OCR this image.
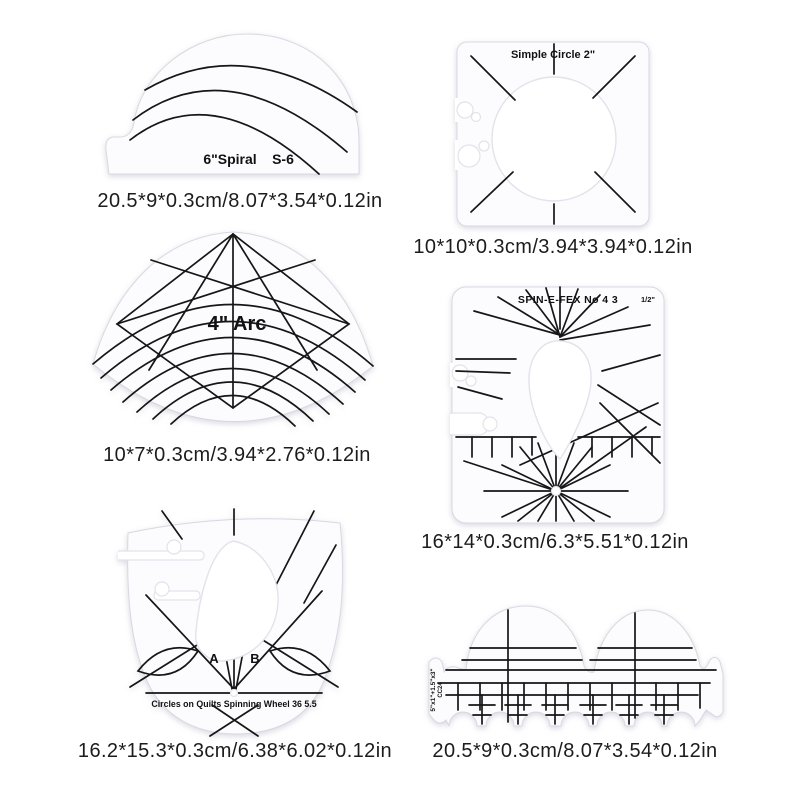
6"Spiral S-6
20.5*9*0.3cm/8.07*3.54*0.12in
Simple Circle 2"
10*10*0.3cm/3.94*3.94*0.12in
4" Arc
10*7*0.3cm/3.94*2.76*0.12in
SPIN-E-FEX No 4 3	1/2"
16*14*0.3cm/6.3*5.51*0.12in
A B
Circles on Quilts Spinning Wheel 36 5.5
16.2*15.3*0.3cm/6.38*6.02*0.12in
5"x1"+1.5"x3" CC24
20.5*9*0.3cm/8.07*3.54*0.12in
